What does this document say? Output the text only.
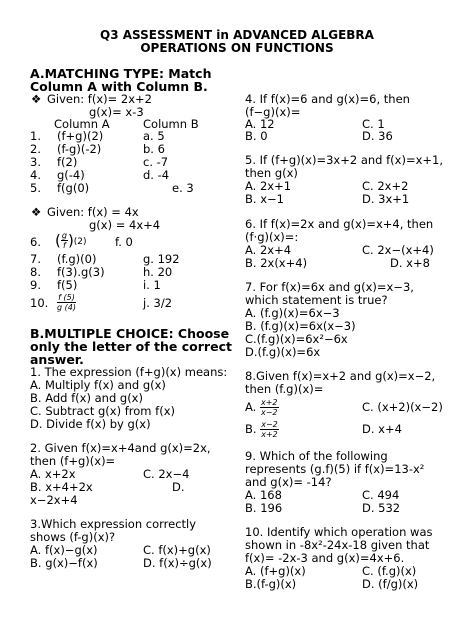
Q3 ASSESSMENT in ADVANCED ALGEBRA
OPERATIONS ON FUNCTIONS
A.MATCHING TYPE: Match
Column A with Column B.
❖ Given: f(x)= 2x+2
g(x)= x-3
Column A	Column B
1. (f+g)(2)	a. 5
2. (f-g)(-2)	b. 6
3. f(2)	c. -7
4. g(-4)	d. -4
5. f(g(0)	e. 3
❖ Given: f(x) = 4x
g(x) = 4x+4
6. ( $\frac{g}{f} )(2)$ f. 0
7. (f.g)(0)	g. 192
8. f(3).g(3)	h. 20
9. f(5)	i. 1
10. $\frac{f (5)}{g (4)}$	j. 3/2
B.MULTIPLE CHOICE: Choose
only the letter of the correct
answer.
1. The expression (f+g)(x) means:
A. Multiply f(x) and g(x)
B. Add f(x) and g(x)
C. Subtract g(x) from f(x)
D. Divide f(x) by g(x)
2. Given f(x)=x+4and g(x)=2x,
then (f+g)(x)=
A. x+2x	C. 2x−4
B. x+4+2x	D.
x−2x+4
3.Which expression correctly
shows (f-g)(x)?
A. f(x)−g(x)	C. f(x)+g(x)
B. g(x)−f(x)	D. f(x)÷g(x)
4. If f(x)=6 and g(x)=6, then
(f−g)(x)=
A. 12	C. 1
B. 0	D. 36
5. If (f+g)(x)=3x+2 and f(x)=x+1,
then g(x)
A. 2x+1	C. 2x+2
B. x−1	D. 3x+1
6. If f(x)=2x and g(x)=x+4, then
(f·g)(x)=:
A. 2x+4	C. 2x−(x+4)
B. 2x(x+4)	D. x+8
7. For f(x)=6x and g(x)=x−3,
which statement is true?
A. (f.g)(x)=6x−3
B. (f.g)(x)=6x(x−3)
C.(f.g)(x)=6x²−6x
D.(f.g)(x)=6x
8.Given f(x)=x+2 and g(x)=x−2,
then (f.g)(x)=
A. $\frac{x+2}{x-2}$	C. (x+2)(x−2)
B. $\frac{x-2}{x+2}$	D. x+4
9. Which of the following
represents (g.f)(5) if f(x)=13-x²
and g(x)= -14?
A. 168	C. 494
B. 196	D. 532
10. Identify which operation was
shown in -8x²-24x-18 given that
f(x)= -2x-3 and g(x)=4x+6.
A. (f+g)(x)	C. (f.g)(x)
B.(f-g)(x)	D. (f/g)(x)
